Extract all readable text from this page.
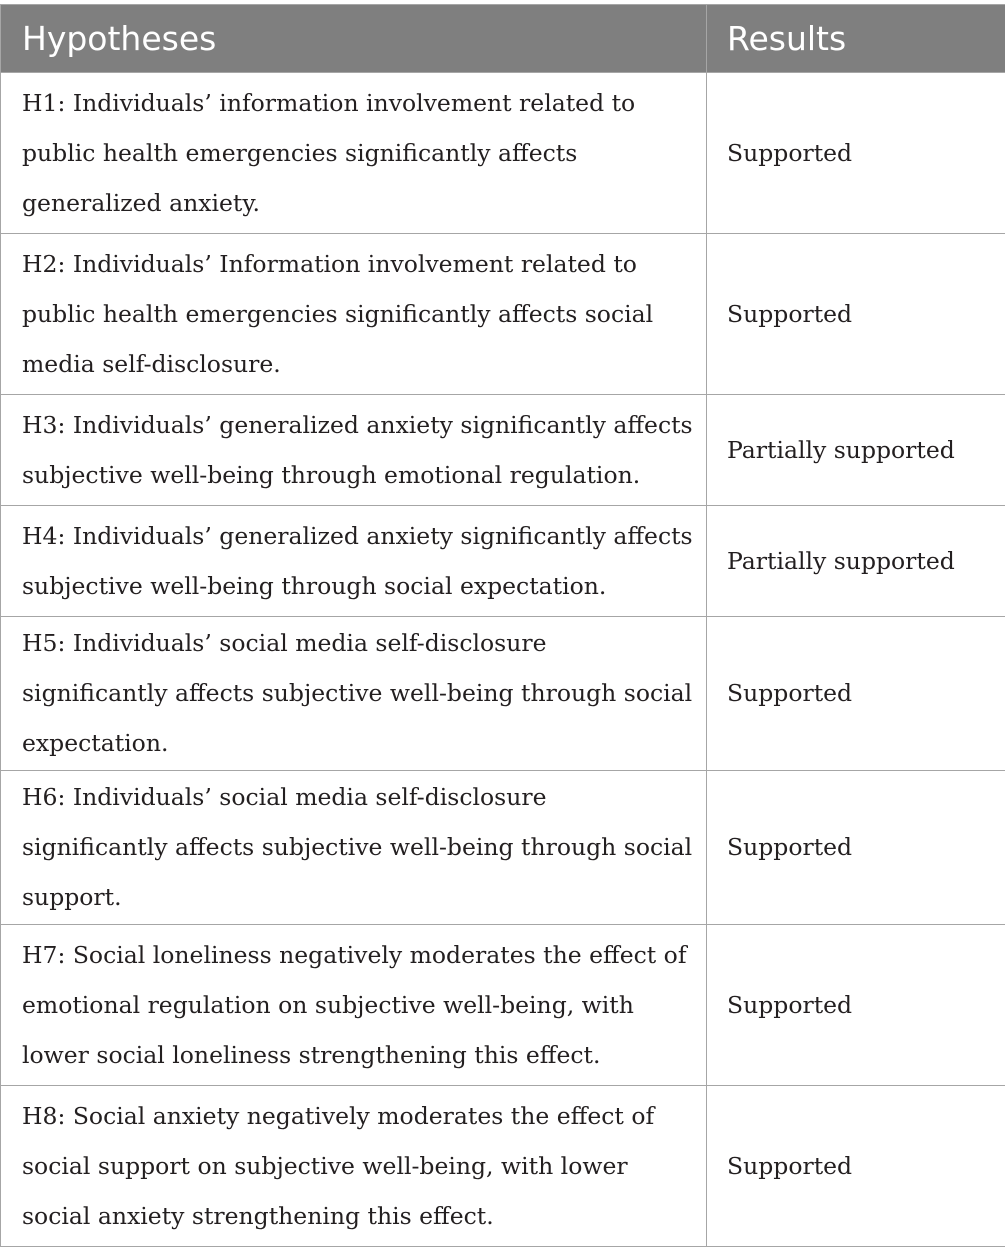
Hypotheses	Results
H1: Individuals’ information involvement related to public health emergencies significantly affects generalized anxiety.	Supported
H2: Individuals’ Information involvement related to public health emergencies significantly affects social media self-disclosure.	Supported
H3: Individuals’ generalized anxiety significantly affects subjective well-being through emotional regulation.	Partially supported
H4: Individuals’ generalized anxiety significantly affects subjective well-being through social expectation.	Partially supported
H5: Individuals’ social media self-disclosure significantly affects subjective well-being through social expectation.	Supported
H6: Individuals’ social media self-disclosure significantly affects subjective well-being through social support.	Supported
H7: Social loneliness negatively moderates the effect of emotional regulation on subjective well-being, with lower social loneliness strengthening this effect.	Supported
H8: Social anxiety negatively moderates the effect of social support on subjective well-being, with lower social anxiety strengthening this effect.	Supported
